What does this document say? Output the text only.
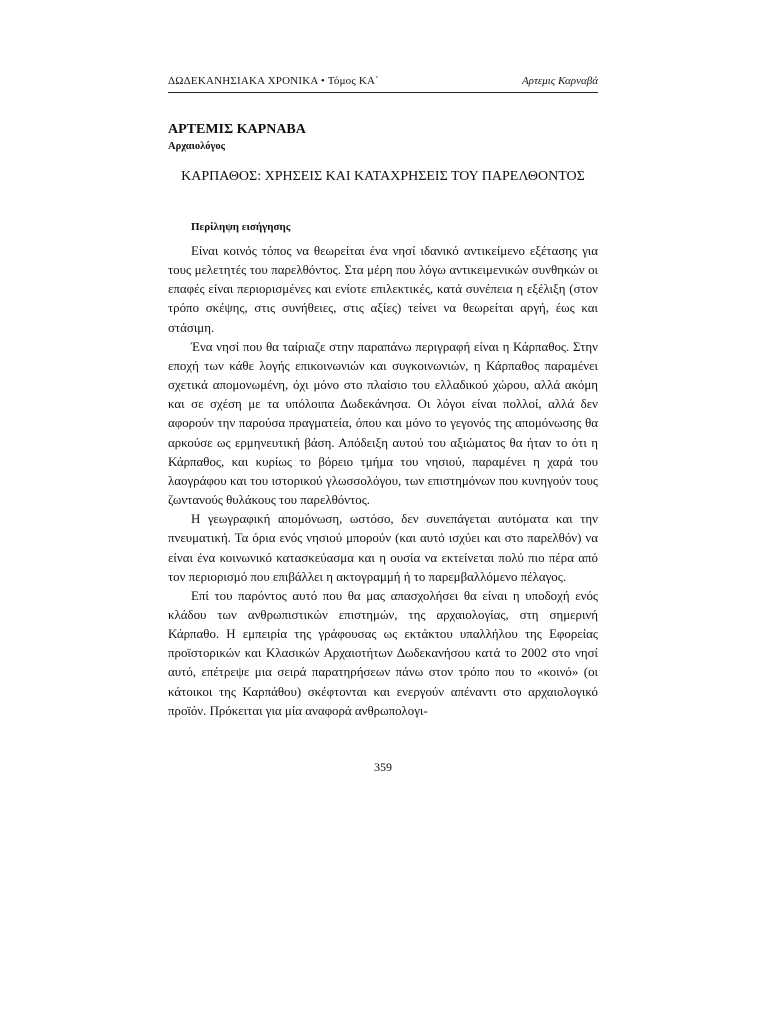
ΔΩΔΕΚΑΝΗΣΙΑΚΑ ΧΡΟΝΙΚΑ • Τόμος ΚΑ΄	Αρτεμις Καρναβά
ΑΡΤΕΜΙΣ ΚΑΡΝΑΒΑ
Αρχαιολόγος
ΚΑΡΠΑΘΟΣ: ΧΡΗΣΕΙΣ ΚΑΙ ΚΑΤΑΧΡΗΣΕΙΣ ΤΟΥ ΠΑΡΕΛΘΟΝΤΟΣ
Περίληψη εισήγησης

Είναι κοινός τόπος να θεωρείται ένα νησί ιδανικό αντικείμενο εξέτασης για τους μελετητές του παρελθόντος. Στα μέρη που λόγω αντικειμενικών συνθηκών οι επαφές είναι περιορισμένες και ενίοτε επιλεκτικές, κατά συνέπεια η εξέλιξη (στον τρόπο σκέψης, στις συνήθειες, στις αξίες) τείνει να θεωρείται αργή, έως και στάσιμη.

Ένα νησί που θα ταίριαζε στην παραπάνω περιγραφή είναι η Κάρπαθος. Στην εποχή των κάθε λογής επικοινωνιών και συγκοινωνιών, η Κάρπαθος παραμένει σχετικά απομονωμένη, όχι μόνο στο πλαίσιο του ελλαδικού χώρου, αλλά ακόμη και σε σχέση με τα υπόλοιπα Δωδεκάνησα. Οι λόγοι είναι πολλοί, αλλά δεν αφορούν την παρούσα πραγματεία, όπου και μόνο το γεγονός της απομόνωσης θα αρκούσε ως ερμηνευτική βάση. Απόδειξη αυτού του αξιώματος θα ήταν το ότι η Κάρπαθος, και κυρίως το βόρειο τμήμα του νησιού, παραμένει η χαρά του λαογράφου και του ιστορικού γλωσσολόγου, των επιστημόνων που κυνηγούν τους ζωντανούς θυλάκους του παρελθόντος.

Η γεωγραφική απομόνωση, ωστόσο, δεν συνεπάγεται αυτόματα και την πνευματική. Τα όρια ενός νησιού μπορούν (και αυτό ισχύει και στο παρελθόν) να είναι ένα κοινωνικό κατασκεύασμα και η ουσία να εκτείνεται πολύ πιο πέρα από τον περιορισμό που επιβάλλει η ακτογραμμή ή το παρεμβαλλόμενο πέλαγος.

Επί του παρόντος αυτό που θα μας απασχολήσει θα είναι η υποδοχή ενός κλάδου των ανθρωπιστικών επιστημών, της αρχαιολογίας, στη σημερινή Κάρπαθο. Η εμπειρία της γράφουσας ως εκτάκτου υπαλλήλου της Εφορείας προϊστορικών και Κλασικών Αρχαιοτήτων Δωδεκανήσου κατά το 2002 στο νησί αυτό, επέτρεψε μια σειρά παρατηρήσεων πάνω στον τρόπο που το «κοινό» (οι κάτοικοι της Καρπάθου) σκέφτονται και ενεργούν απέναντι στο αρχαιολογικό προϊόν. Πρόκειται για μία αναφορά ανθρωπολογι-

359
